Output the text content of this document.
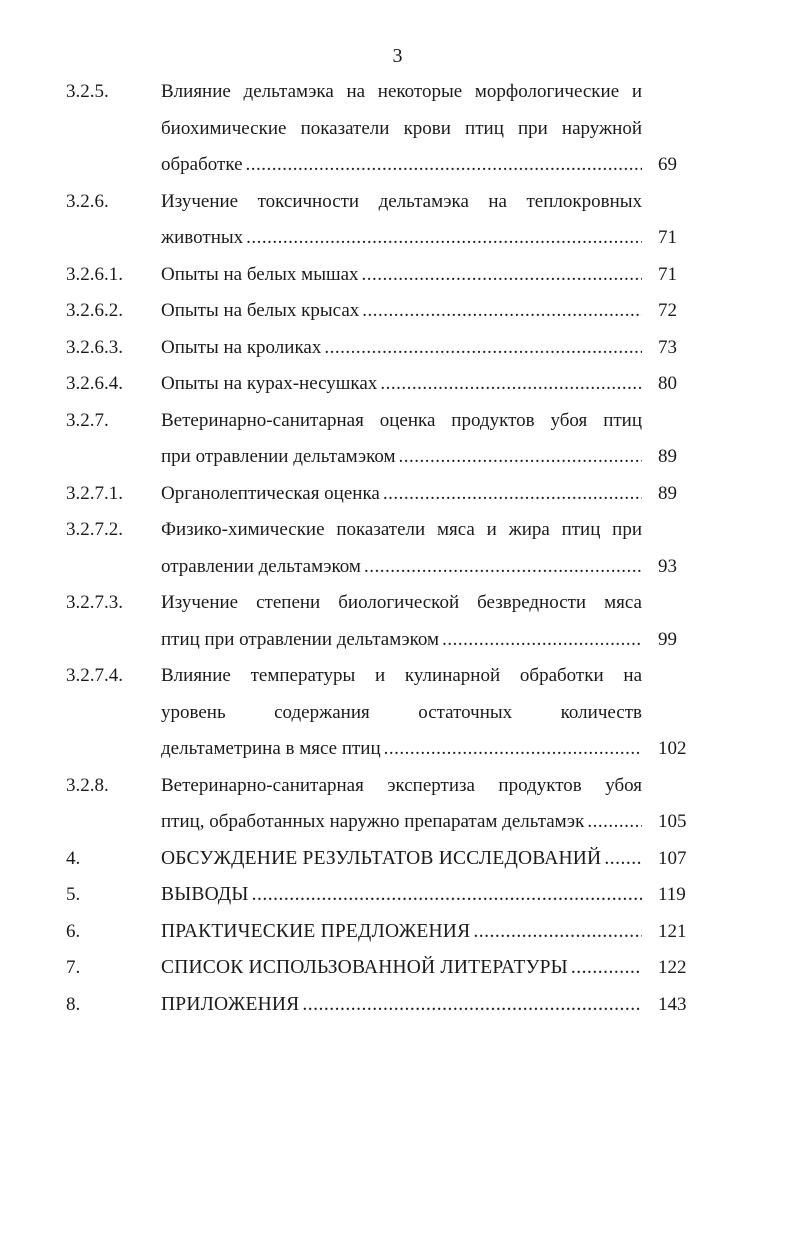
3
3.2.5.	Влияние дельтамэка на некоторые морфологические и
биохимические показатели крови птиц при наружной
обработке .....	69
3.2.6.	Изучение токсичности дельтамэка на теплокровных
животных .....	71
3.2.6.1.	Опыты на белых мышах .....	71
3.2.6.2.	Опыты на белых крысах .....	72
3.2.6.3.	Опыты на кроликах .....	73
3.2.6.4.	Опыты на курах-несушках .....	80
3.2.7.	Ветеринарно-санитарная оценка продуктов убоя птиц
при отравлении дельтамэком .....	89
3.2.7.1.	Органолептическая оценка .....	89
3.2.7.2.	Физико-химические показатели мяса и жира птиц при
отравлении дельтамэком .....	93
3.2.7.3.	Изучение степени биологической безвредности мяса
птиц при отравлении дельтамэком .....	99
3.2.7.4.	Влияние температуры и кулинарной обработки на
уровень содержания остаточных количеств
дельтаметрина в мясе птиц .....	102
3.2.8.	Ветеринарно-санитарная экспертиза продуктов убоя
птиц, обработанных наружно препаратам дельтамэк .....	105
4.	ОБСУЖДЕНИЕ РЕЗУЛЬТАТОВ ИССЛЕДОВАНИЙ .....	107
5.	ВЫВОДЫ .....	119
6.	ПРАКТИЧЕСКИЕ ПРЕДЛОЖЕНИЯ .....	121
7.	СПИСОК ИСПОЛЬЗОВАННОЙ ЛИТЕРАТУРЫ .....	122
8.	ПРИЛОЖЕНИЯ .....	143
